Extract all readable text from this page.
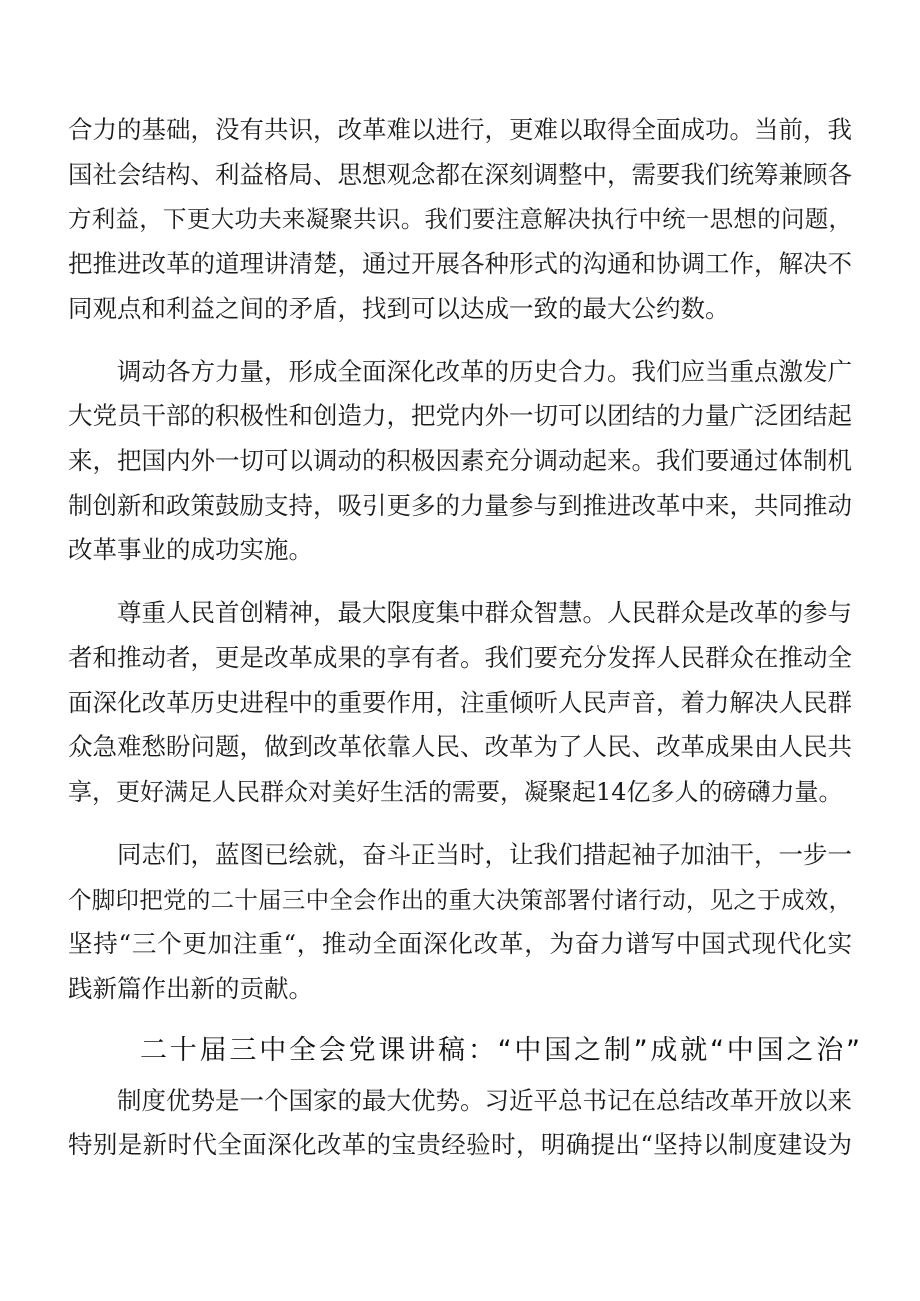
合力的基础，没有共识，改革难以进行，更难以取得全面成功。当前，我
国社会结构、利益格局、思想观念都在深刻调整中，需要我们统筹兼顾各
方利益，下更大功夫来凝聚共识。我们要注意解决执行中统一思想的问题，
把推进改革的道理讲清楚，通过开展各种形式的沟通和协调工作，解决不
同观点和利益之间的矛盾，找到可以达成一致的最大公约数。
调动各方力量，形成全面深化改革的历史合力。我们应当重点激发广
大党员干部的积极性和创造力，把党内外一切可以团结的力量广泛团结起
来，把国内外一切可以调动的积极因素充分调动起来。我们要通过体制机
制创新和政策鼓励支持，吸引更多的力量参与到推进改革中来，共同推动
改革事业的成功实施。
尊重人民首创精神，最大限度集中群众智慧。人民群众是改革的参与
者和推动者，更是改革成果的享有者。我们要充分发挥人民群众在推动全
面深化改革历史进程中的重要作用，注重倾听人民声音，着力解决人民群
众急难愁盼问题，做到改革依靠人民、改革为了人民、改革成果由人民共
享，更好满足人民群众对美好生活的需要，凝聚起14亿多人的磅礴力量。
同志们，蓝图已绘就，奋斗正当时，让我们措起袖子加油干，一步一
个脚印把党的二十届三中全会作出的重大决策部署付诸行动，见之于成效，
坚持“三个更加注重“，推动全面深化改革，为奋力谱写中国式现代化实
践新篇作出新的贡献。
二十届三中全会党课讲稿：“中国之制”成就“中国之治”
制度优势是一个国家的最大优势。习近平总书记在总结改革开放以来
特别是新时代全面深化改革的宝贵经验时，明确提出“坚持以制度建设为
